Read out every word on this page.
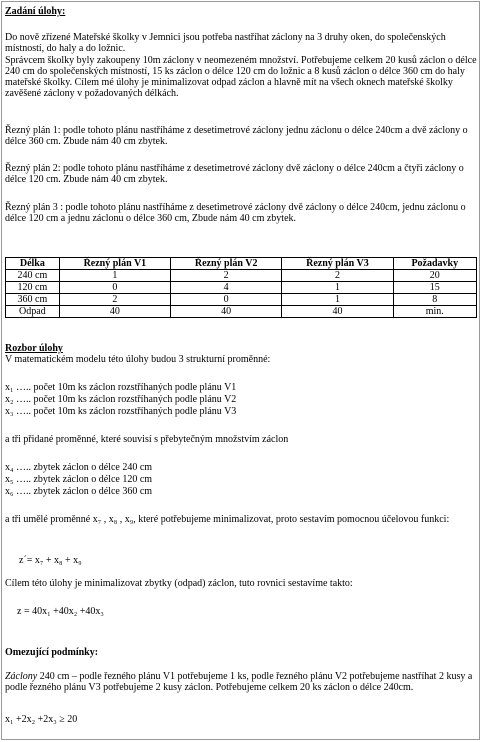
Zadání úlohy:
Do nově zřízené Mateřské školky v Jemnici jsou potřeba nastříhat záclony na 3 druhy oken, do společenských místností, do haly a do ložnic.
Správcem školky byly zakoupeny 10m záclony v neomezeném množství. Potřebujeme celkem 20 kusů záclon o délce 240 cm do společenských místností, 15 ks záclon o délce 120 cm do ložnic a 8 kusů záclon o délce 360 cm do haly mateřské školky. Cílem mé úlohy je minimalizovat odpad záclon a hlavně mít na všech oknech mateřské školky zavěšené záclony v požadovaných délkách.
Řezný plán 1: podle tohoto plánu nastříháme z desetimetrové záclony jednu záclonu o délce 240cm a dvě záclony o délce 360 cm. Zbude nám 40 cm zbytek.
Řezný plán 2: podle tohoto plánu nastříháme z desetimetrové záclony dvě záclony o délce 240cm a čtyři záclony o délce 120 cm. Zbude nám 40 cm zbytek.
Řezný plán 3 : podle tohoto plánu nastříháme z desetimetrové záclony dvě záclony o délce 240cm, jednu záclonu o délce 120 cm a jednu záclonu o délce 360 cm, Zbude nám 40 cm zbytek.
Délka	Řezný plán V1	Řezný plán V2	Řezný plán V3	Požadavky
240 cm	1	2	2	20
120 cm	0	4	1	15
360 cm	2	0	1	8
Odpad	40	40	40	min.
Rozbor úlohy
V matematickém modelu této úlohy budou 3 strukturní proměnné:
x₁ ….. počet 10m ks záclon rozstříhaných podle plánu V1
x₂ ….. počet 10m ks záclon rozstříhaných podle plánu V2
x₃ ….. počet 10m ks záclon rozstříhaných podle plánu V3
a tři přidané proměnné, které souvisí s přebytečným množstvím záclon
x₄ ….. zbytek záclon o délce 240 cm
x₅ ….. zbytek záclon o délce 120 cm
x₆ ….. zbytek záclon o délce 360 cm
a tři umělé proměnné x₇ , x₈ , x₉, které potřebujeme minimalizovat, proto sestavím pomocnou účelovou funkci:
z´= x₇ + x₈ + x₉
Cílem této úlohy je minimalizovat zbytky (odpad) záclon, tuto rovnici sestavíme takto:
z = 40x₁ +40x₂ +40x₃
Omezující podmínky:
Záclony 240 cm – podle řezného plánu V1 potřebujeme 1 ks, podle řezného plánu V2 potřebujeme nastříhat 2 kusy a podle řezného plánu V3 potřebujeme 2 kusy záclon. Potřebujeme celkem 20 ks záclon o délce 240cm.
x₁ +2x₂ +2x₃ ≥ 20
